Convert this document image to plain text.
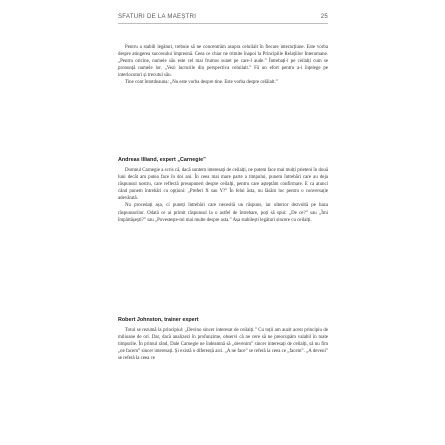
SFATURI DE LA MAEȘTRI	25

Pentru a stabili legături, trebuie să ne concentrăm asupra celuilalt în fiecare interacțiune. Este vorba despre atingerea succesului împreună. Ceea ce chiar ne trimite înapoi la Principiile Relațiilor Interumane. „Pentru oricine, numele său este cel mai frumos sunet pe care-l aude.” Întrebați-i pe ceilalți cum se pronunță numele lor. „Vezi lucrurile din perspectiva celuilalt.” Fă un efort pentru a-i înțelege pe interlocutori și trecutul său.

Tine cont întotdeauna: „Nu este vorba despre tine. Este vorba despre celălalt.”

Andreas Illiand, expert „Carnegie”

Domnul Carnegie a scris că, dacă suntem interesați de ceilalți, ne putem face mai mulți prieteni în două luni decât am putea face în doi ani. În ceea mai mare parte a timpului, punem întrebări care au deja răspunsul nostru, care reflectă presupuneri despre ceilalți, pentru care așteptăm confirmare. E ca atunci când punem întrebări cu opțiuni: „Preferi X sau Y?” În felul ăsta, nu lăsăm loc pentru o conversație adevărată.

Nu procedați așa, ci puneți întrebări care necesită un răspuns, iar ulterior dezvoltă pe baza răspunsurilor. Odată ce ai primit răspunsul la o astfel de întrebare, poți să spui: „De ce?” sau „Îmi împărtășești?” sau „Povestește-mi mai multe despre asta.” Așa stabilești legături sincere cu ceilalți.

Robert Johnston, trainer expert

Totul se rezumă la principiul: „Devino sincer interesat de ceilalți.” Cu toții am auzit acest principiu de milioane de ori. Dar, dacă analizezi în profunzime, observi că ne cere să ne preocupăm valabil în toate timpurile. În primul rând, Dale Carnegie ne îndeamnă să „devenim” sincer interesați de ceilalți, să nu fim „ne facem” sincer interesați. Și există o diferență aici. „A ne face” se referă la ceea ce „facem”. „A deveni” se referă la ceea ce
